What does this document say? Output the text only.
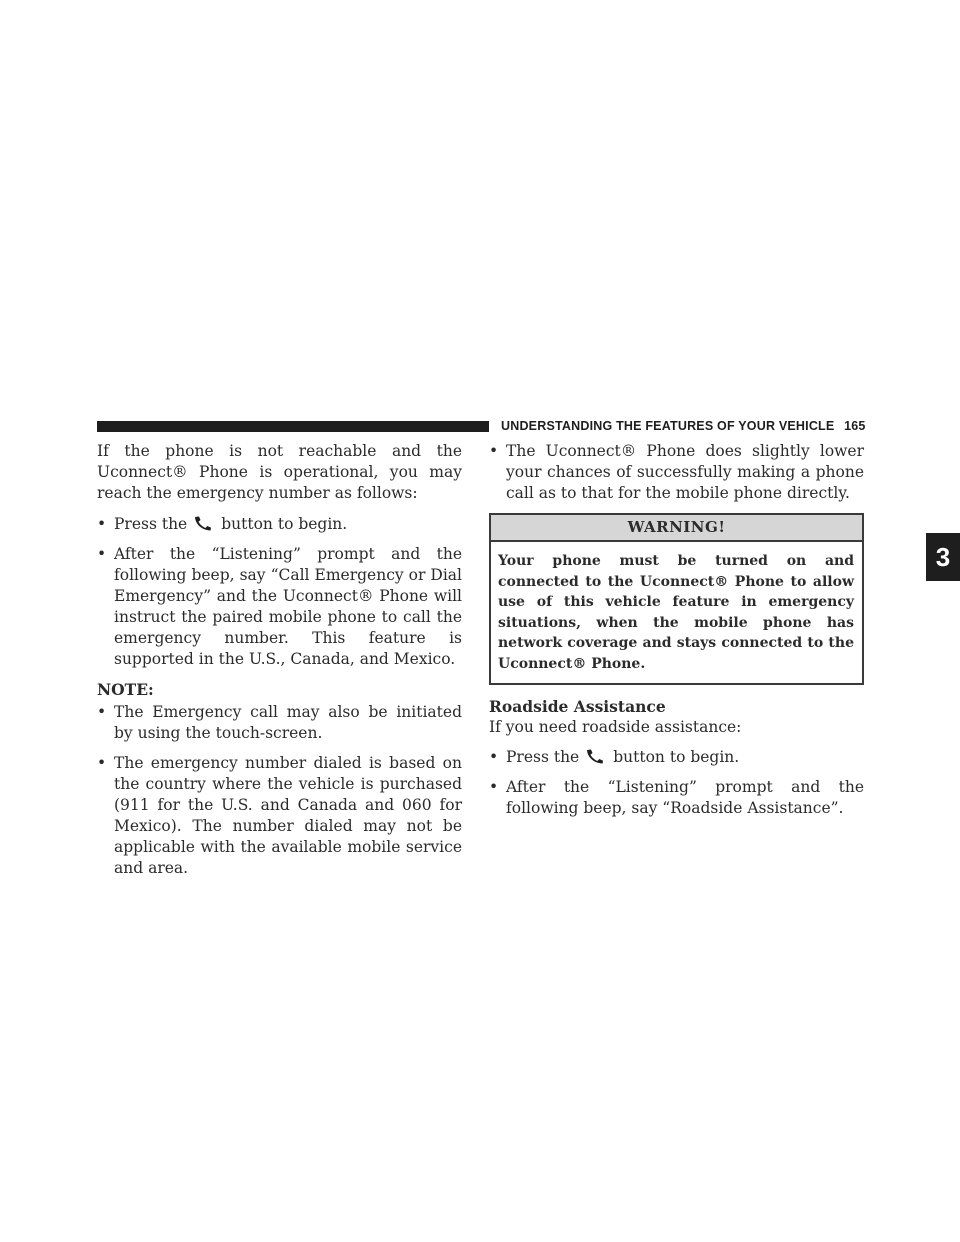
UNDERSTANDING THE FEATURES OF YOUR VEHICLE 165
3

If the phone is not reachable and the Uconnect® Phone is operational, you may reach the emergency number as follows:

• Press the button to begin.
• After the “Listening” prompt and the following beep, say “Call Emergency or Dial Emergency” and the Uconnect® Phone will instruct the paired mobile phone to call the emergency number. This feature is supported in the U.S., Canada, and Mexico.

NOTE:

• The Emergency call may also be initiated by using the touch-screen.
• The emergency number dialed is based on the country where the vehicle is purchased (911 for the U.S. and Canada and 060 for Mexico). The number dialed may not be applicable with the available mobile service and area.
• The Uconnect® Phone does slightly lower your chances of successfully making a phone call as to that for the mobile phone directly.
WARNING!
Your phone must be turned on and connected to the Uconnect® Phone to allow use of this vehicle feature in emergency situations, when the mobile phone has network coverage and stays connected to the Uconnect® Phone.

Roadside Assistance

If you need roadside assistance:

• Press the button to begin.
• After the “Listening” prompt and the following beep, say “Roadside Assistance”.
